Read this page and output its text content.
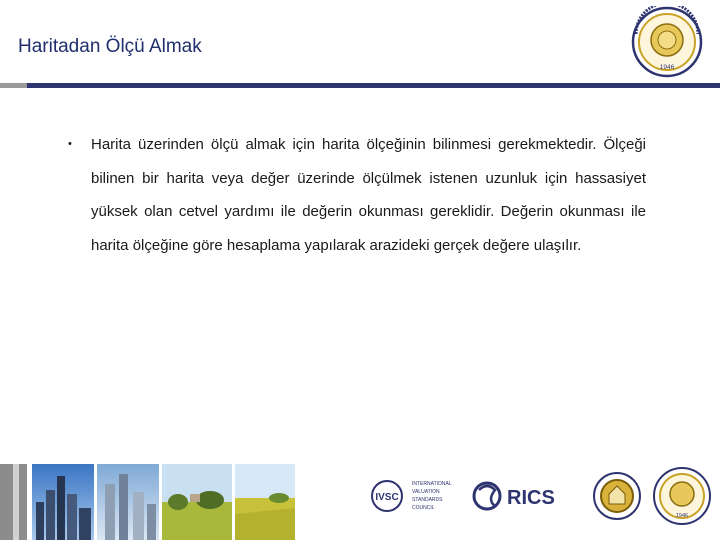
Haritadan Ölçü Almak
1946
• Harita üzerinden ölçü almak için harita ölçeğinin bilinmesi gerekmektedir. Ölçeği bilinen bir harita veya değer üzerinde ölçülmek istenen uzunluk için hassasiyet yüksek olan cetvel yardımı ile değerin okunması gereklidir. Değerin okunması ile harita ölçeğine göre hesaplama yapılarak arazideki gerçek değere ulaşılır.

IVSC
INTERNATIONAL
VALUATION
STANDARDS
COUNCIL	RICS
1946
